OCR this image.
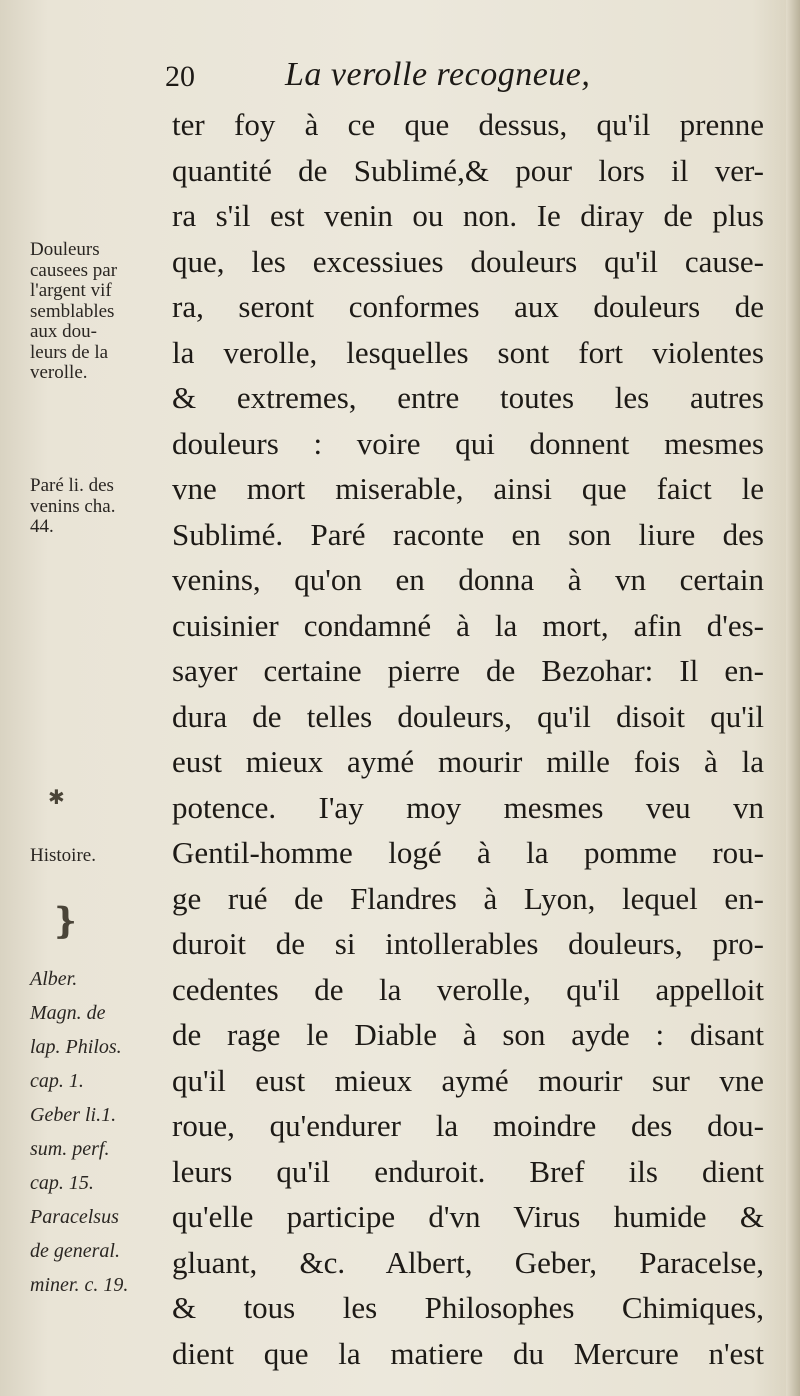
20	La verolle recogneue,
ter foy à ce que dessus, qu'il prenne
quantité de Sublimé,& pour lors il ver-
ra s'il est venin ou non. Ie diray de plus
que, les excessiues douleurs qu'il cause-
ra, seront conformes aux douleurs de
la verolle, lesquelles sont fort violentes
& extremes, entre toutes les autres
douleurs : voire qui donnent mesmes
vne mort miserable, ainsi que faict le
Sublimé. Paré raconte en son liure des
venins, qu'on en donna à vn certain
cuisinier condamné à la mort, afin d'es-
sayer certaine pierre de Bezohar: Il en-
dura de telles douleurs, qu'il disoit qu'il
eust mieux aymé mourir mille fois à la
potence. I'ay moy mesmes veu vn
Gentil-homme logé à la pomme rou-
ge rué de Flandres à Lyon, lequel en-
duroit de si intollerables douleurs, pro-
cedentes de la verolle, qu'il appelloit
de rage le Diable à son ayde : disant
qu'il eust mieux aymé mourir sur vne
roue, qu'endurer la moindre des dou-
leurs qu'il enduroit. Bref ils dient
qu'elle participe d'vn Virus humide &
gluant, &c. Albert, Geber, Paracelse,
& tous les Philosophes Chimiques,
dient que la matiere du Mercure n'est
Douleurs
causees par
l'argent vif
semblables
aux dou-
leurs de la
verolle.
Paré li. des
venins cha.
44.
Histoire.
Alber.
Magn. de
lap. Philos.
cap. 1.
Geber li.1.
sum. perf.
cap. 15.
Paracelsus
de general.
miner. c. 19.
✱
❵
